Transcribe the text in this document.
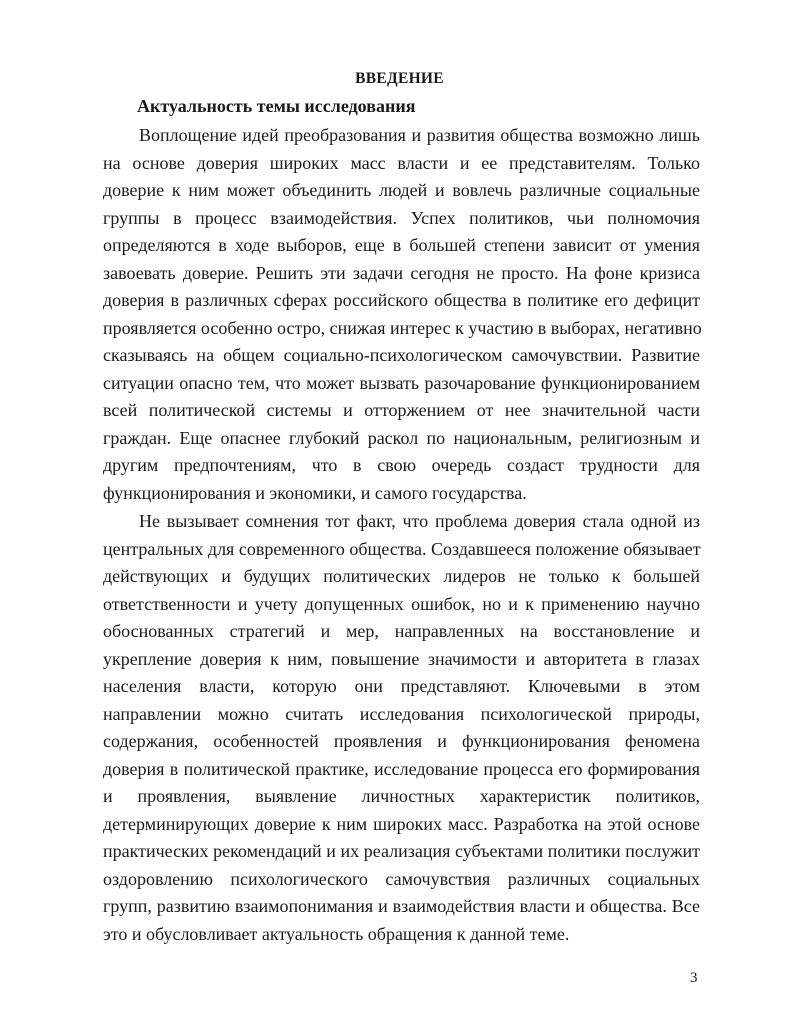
ВВЕДЕНИЕ
Актуальность темы исследования
Воплощение идей преобразования и развития общества возможно лишь
на основе доверия широких масс власти и ее представителям. Только
доверие к ним может объединить людей и вовлечь различные социальные
группы в процесс взаимодействия. Успех политиков, чьи полномочия
определяются в ходе выборов, еще в большей степени зависит от умения
завоевать доверие. Решить эти задачи сегодня не просто. На фоне кризиса
доверия в различных сферах российского общества в политике его дефицит
проявляется особенно остро, снижая интерес к участию в выборах, негативно
сказываясь на общем социально-психологическом самочувствии. Развитие
ситуации опасно тем, что может вызвать разочарование функционированием
всей политической системы и отторжением от нее значительной части
граждан. Еще опаснее глубокий раскол по национальным, религиозным и
другим предпочтениям, что в свою очередь создаст трудности для
функционирования и экономики, и самого государства.
Не вызывает сомнения тот факт, что проблема доверия стала одной из
центральных для современного общества. Создавшееся положение обязывает
действующих и будущих политических лидеров не только к большей
ответственности и учету допущенных ошибок, но и к применению научно
обоснованных стратегий и мер, направленных на восстановление и
укрепление доверия к ним, повышение значимости и авторитета в глазах
населения власти, которую они представляют. Ключевыми в этом
направлении можно считать исследования психологической природы,
содержания, особенностей проявления и функционирования феномена
доверия в политической практике, исследование процесса его формирования
и проявления, выявление личностных характеристик политиков,
детерминирующих доверие к ним широких масс. Разработка на этой основе
практических рекомендаций и их реализация субъектами политики послужит
оздоровлению психологического самочувствия различных социальных
групп, развитию взаимопонимания и взаимодействия власти и общества. Все
это и обусловливает актуальность обращения к данной теме.
3
